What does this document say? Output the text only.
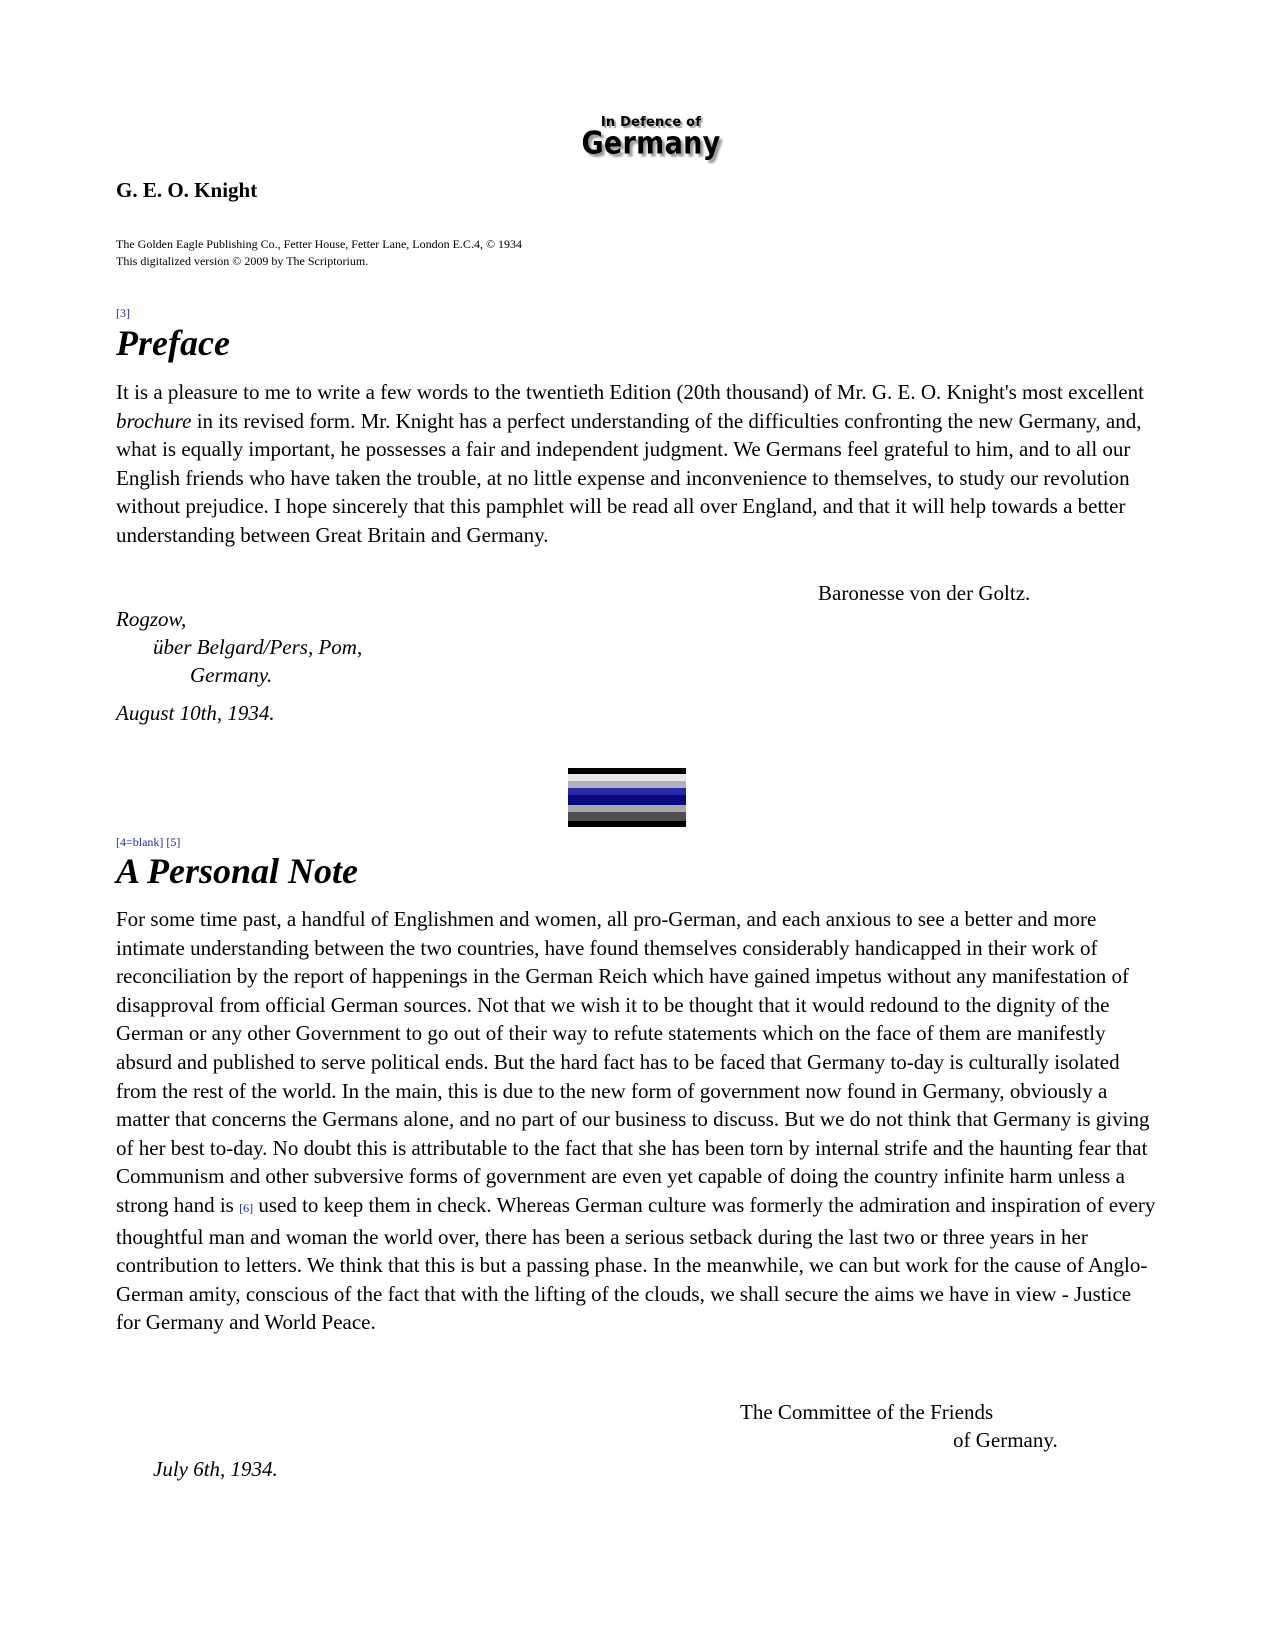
In Defence of
Germany
G. E. O. Knight
The Golden Eagle Publishing Co., Fetter House, Fetter Lane, London E.C.4, © 1934
This digitalized version © 2009 by The Scriptorium.
[3]
Preface
It is a pleasure to me to write a few words to the twentieth Edition (20th thousand) of Mr. G. E. O. Knight's most excellent brochure in its revised form. Mr. Knight has a perfect understanding of the difficulties confronting the new Germany, and, what is equally important, he possesses a fair and independent judgment. We Germans feel grateful to him, and to all our English friends who have taken the trouble, at no little expense and inconvenience to themselves, to study our revolution without prejudice. I hope sincerely that this pamphlet will be read all over England, and that it will help towards a better understanding between Great Britain and Germany.
Baronesse von der Goltz.
Rogzow,
über Belgard/Pers, Pom,
Germany.
August 10th, 1934.
[4=blank] [5]
A Personal Note
For some time past, a handful of Englishmen and women, all pro-German, and each anxious to see a better and more intimate understanding between the two countries, have found themselves considerably handicapped in their work of reconciliation by the report of happenings in the German Reich which have gained impetus without any manifestation of disapproval from official German sources. Not that we wish it to be thought that it would redound to the dignity of the German or any other Government to go out of their way to refute statements which on the face of them are manifestly absurd and published to serve political ends. But the hard fact has to be faced that Germany to-day is culturally isolated from the rest of the world. In the main, this is due to the new form of government now found in Germany, obviously a matter that concerns the Germans alone, and no part of our business to discuss. But we do not think that Germany is giving of her best to-day. No doubt this is attributable to the fact that she has been torn by internal strife and the haunting fear that Communism and other subversive forms of government are even yet capable of doing the country infinite harm unless a strong hand is [6] used to keep them in check. Whereas German culture was formerly the admiration and inspiration of every thoughtful man and woman the world over, there has been a serious setback during the last two or three years in her contribution to letters. We think that this is but a passing phase. In the meanwhile, we can but work for the cause of Anglo-German amity, conscious of the fact that with the lifting of the clouds, we shall secure the aims we have in view - Justice for Germany and World Peace.
The Committee of the Friends
of Germany.
July 6th, 1934.
